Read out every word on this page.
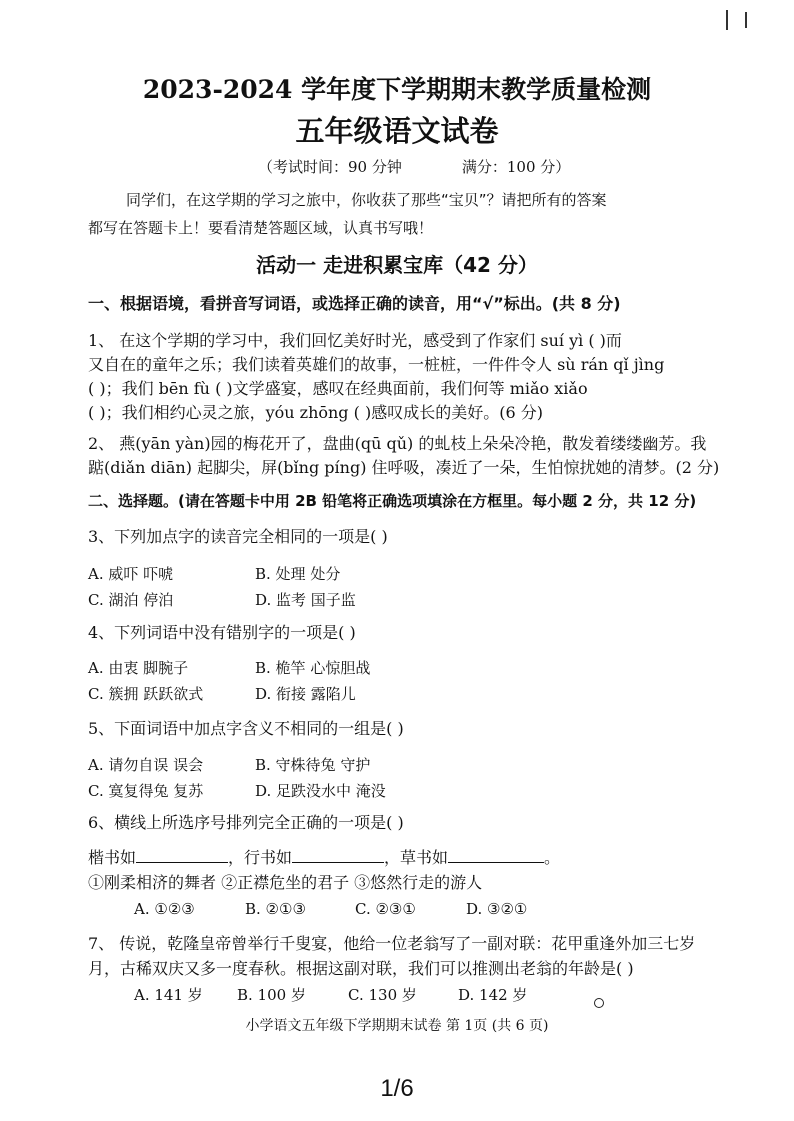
2023-2024 学年度下学期期末教学质量检测
五年级语文试卷
（考试时间：90 分钟	满分：100 分）
同学们，在这学期的学习之旅中，你收获了那些“宝贝”？请把所有的答案
都写在答题卡上！要看清楚答题区域，认真书写哦！
活动一 走进积累宝库（42 分）
一、根据语境，看拼音写词语，或选择正确的读音，用“√”标出。(共 8 分)
1、 在这个学期的学习中，我们回忆美好时光，感受到了作家们 suí yì ( )而
又自在的童年之乐；我们读着英雄们的故事，一桩桩，一件件令人 sù rán qǐ jìng
( )；我们 bēn fù ( )文学盛宴，感叹在经典面前，我们何等 miǎo xiǎo
( )；我们相约心灵之旅，yóu zhōng ( )感叹成长的美好。(6 分)
2、 燕(yān yàn)园的梅花开了，盘曲(qū qǔ) 的虬枝上朵朵冷艳，散发着缕缕幽芳。我
踮(diǎn diān) 起脚尖，屏(bǐng píng) 住呼吸，凑近了一朵，生怕惊扰她的清梦。(2 分)
二、选择题。(请在答题卡中用 2B 铅笔将正确选项填涂在方框里。每小题 2 分，共 12 分)
3、下列加点字的读音完全相同的一项是( )
A. 威吓 吓唬	B. 处理 处分
C. 湖泊 停泊	D. 监考 国子监
4、下列词语中没有错别字的一项是( )
A. 由衷 脚腕子	B. 桅竿 心惊胆战
C. 簇拥 跃跃欲式	D. 衔接 露陷儿
5、下面词语中加点字含义不相同的一组是( )
A. 请勿自误 误会	B. 守株待兔 守护
C. 寞复得兔 复苏	D. 足跌没水中 淹没
6、横线上所选序号排列完全正确的一项是( )
楷书如	，行书如	，草书如	。
①刚柔相济的舞者 ②正襟危坐的君子 ③悠然行走的游人
A. ①②③	B. ②①③	C. ②③①	D. ③②①
7、 传说，乾隆皇帝曾举行千叟宴，他给一位老翁写了一副对联：花甲重逢外加三七岁
月，古稀双庆又多一度春秋。根据这副对联，我们可以推测出老翁的年龄是( )
A. 141 岁 B. 100 岁	C. 130 岁	D. 142 岁
小学语文五年级下学期期末试卷 第 1页 (共 6 页)
1/6
